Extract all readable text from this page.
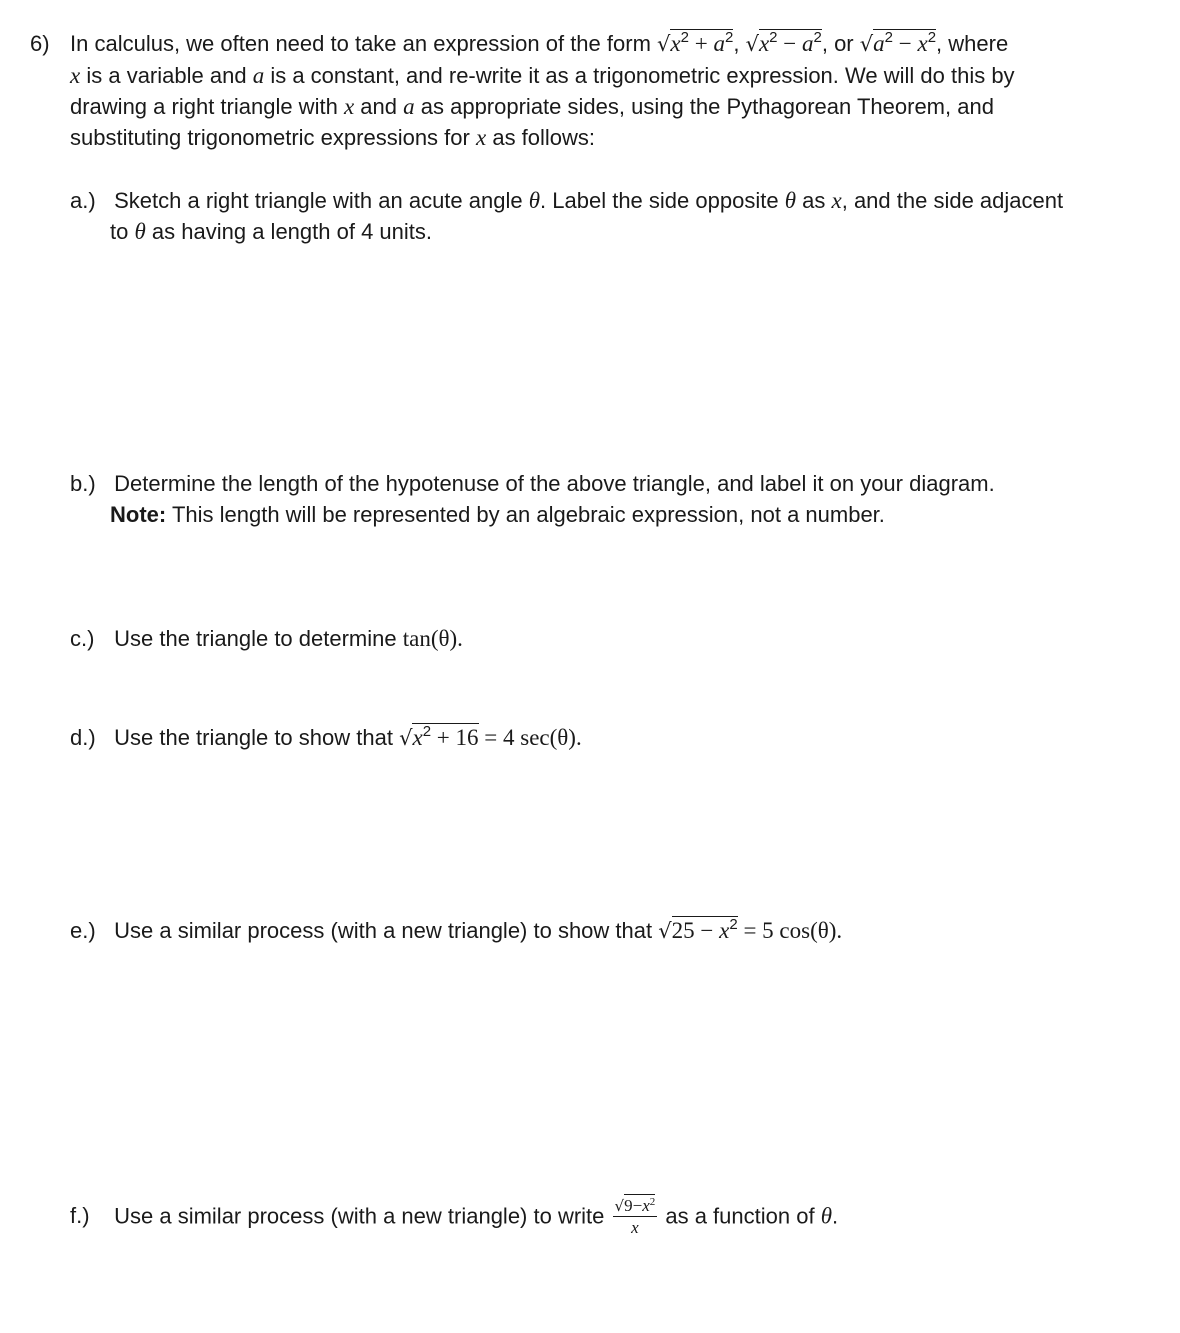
6) In calculus, we often need to take an expression of the form $√x^2 + a^2$, $√x^2 - a^2$, or $√a^2 - x^2$, where
x is a variable and a is a constant, and re-write it as a trigonometric expression. We will do this by
drawing a right triangle with x and a as appropriate sides, using the Pythagorean Theorem, and
substituting trigonometric expressions for x as follows:
a.) Sketch a right triangle with an acute angle θ. Label the side opposite θ as x, and the side adjacent
to θ as having a length of 4 units.
b.) Determine the length of the hypotenuse of the above triangle, and label it on your diagram.
Note: This length will be represented by an algebraic expression, not a number.
c.) Use the triangle to determine tan(θ).
d.) Use the triangle to show that $√x^2 + 16 = 4$ sec(θ).
e.) Use a similar process (with a new triangle) to show that $√25 - x^2 = 5$ cos(θ).
f.) Use a similar process (with a new triangle) to write $\frac{√9-x^2}{x}$ as a function of θ.
